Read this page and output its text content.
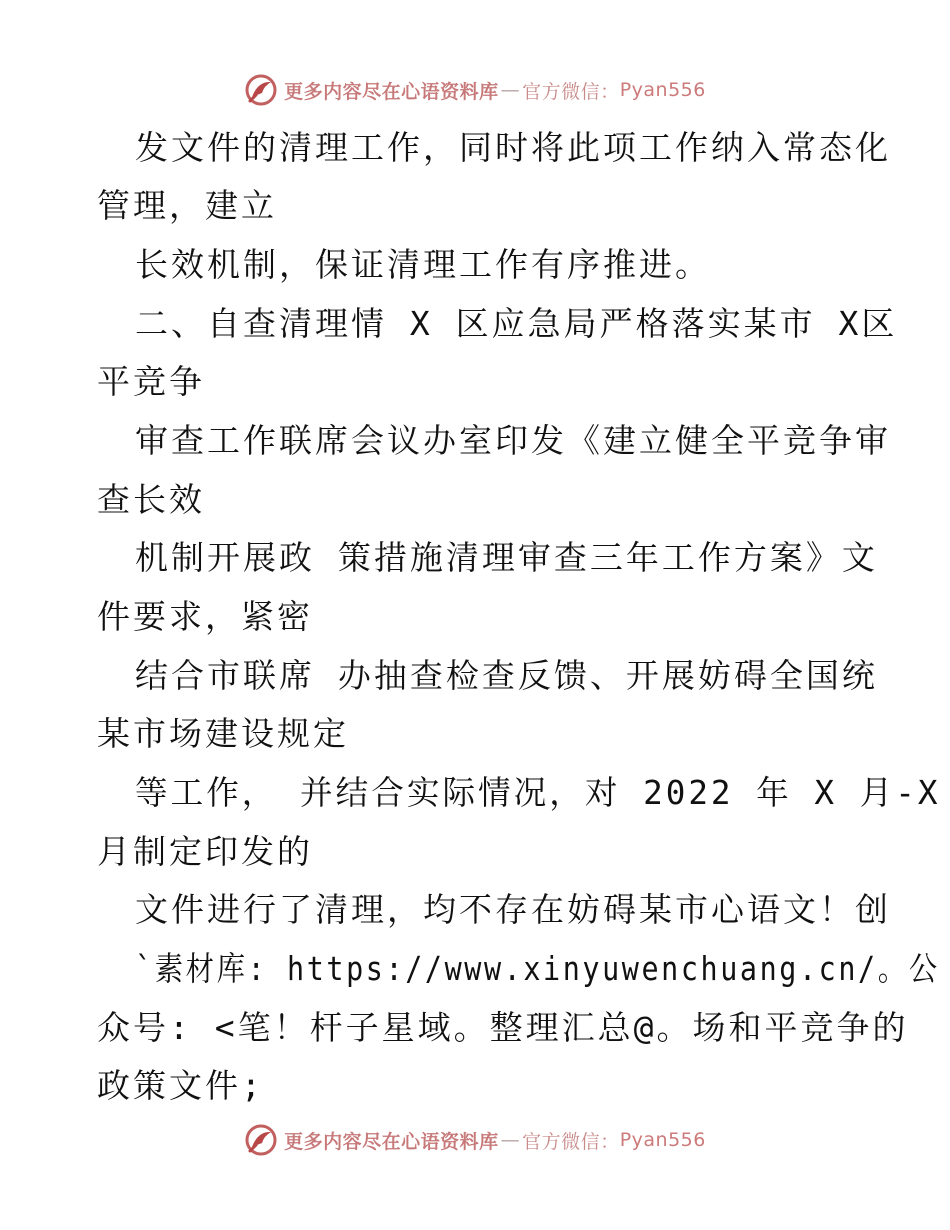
更多内容尽在心语资料库 — 官方微信： Pyan556
发文件的清理工作，同时将此项工作纳入常态化
管理，建立
长效机制，保证清理工作有序推进。
二、自查清理情 X 区应急局严格落实某市 X区
平竞争
审查工作联席会议办室印发《建立健全平竞争审
查长效
机制开展政 策措施清理审查三年工作方案》文
件要求，紧密
结合市联席 办抽查检查反馈、开展妨碍全国统
某市场建设规定
等工作， 并结合实际情况，对 2022 年 X 月-X
月制定印发的
文件进行了清理，均不存在妨碍某市心语文！创
`素材库: https://www.xinyuwenchuang.cn/。公
众号: <笔！杆子星域。整理汇总@。场和平竞争的
政策文件;
更多内容尽在心语资料库 — 官方微信： Pyan556
